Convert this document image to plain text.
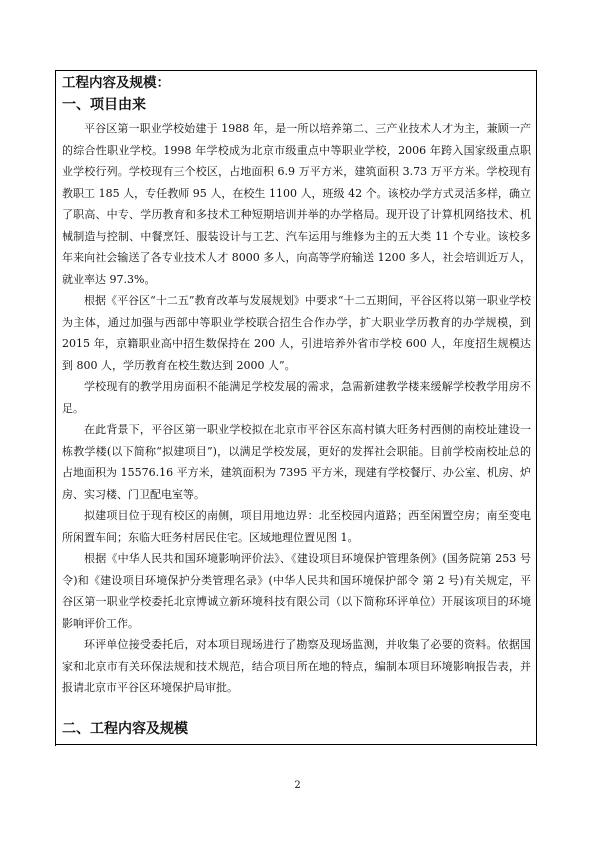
工程内容及规模：
一、项目由来

平谷区第一职业学校始建于 1988 年，是一所以培养第二、三产业技术人才为主，兼顾一产的综合性职业学校。1998 年学校成为北京市级重点中等职业学校，2006 年跨入国家级重点职业学校行列。学校现有三个校区，占地面积 6.9 万平方米，建筑面积 3.73 万平方米。学校现有教职工 185 人，专任教师 95 人，在校生 1100 人，班级 42 个。该校办学方式灵活多样，确立了职高、中专、学历教育和多技术工种短期培训并举的办学格局。现开设了计算机网络技术、机械制造与控制、中餐烹饪、服装设计与工艺、汽车运用与维修为主的五大类 11 个专业。该校多年来向社会输送了各专业技术人才 8000 多人，向高等学府输送 1200 多人，社会培训近万人，就业率达 97.3%。

根据《平谷区“十二五”教育改革与发展规划》中要求“十二五期间，平谷区将以第一职业学校为主体，通过加强与西部中等职业学校联合招生合作办学，扩大职业学历教育的办学规模，到 2015 年，京籍职业高中招生数保持在 200 人，引进培养外省市学校 600 人，年度招生规模达到 800 人，学历教育在校生数达到 2000 人”。

学校现有的教学用房面积不能满足学校发展的需求，急需新建教学楼来缓解学校教学用房不足。

在此背景下，平谷区第一职业学校拟在北京市平谷区东高村镇大旺务村西侧的南校址建设一栋教学楼(以下简称“拟建项目”)，以满足学校发展，更好的发挥社会职能。目前学校南校址总的占地面积为 15576.16 平方米，建筑面积为 7395 平方米，现建有学校餐厅、办公室、机房、炉房、实习楼、门卫配电室等。

拟建项目位于现有校区的南侧，项目用地边界：北至校园内道路；西至闲置空房；南至变电所闲置车间；东临大旺务村居民住宅。区域地理位置见图 1。

根据《中华人民共和国环境影响评价法》、《建设项目环境保护管理条例》(国务院第 253 号令)和《建设项目环境保护分类管理名录》(中华人民共和国环境保护部令 第 2 号)有关规定，平谷区第一职业学校委托北京博诚立新环境科技有限公司（以下简称环评单位）开展该项目的环境影响评价工作。

环评单位接受委托后，对本项目现场进行了勘察及现场监测，并收集了必要的资料。依据国家和北京市有关环保法规和技术规范，结合项目所在地的特点，编制本项目环境影响报告表，并报请北京市平谷区环境保护局审批。

二、工程内容及规模
2
